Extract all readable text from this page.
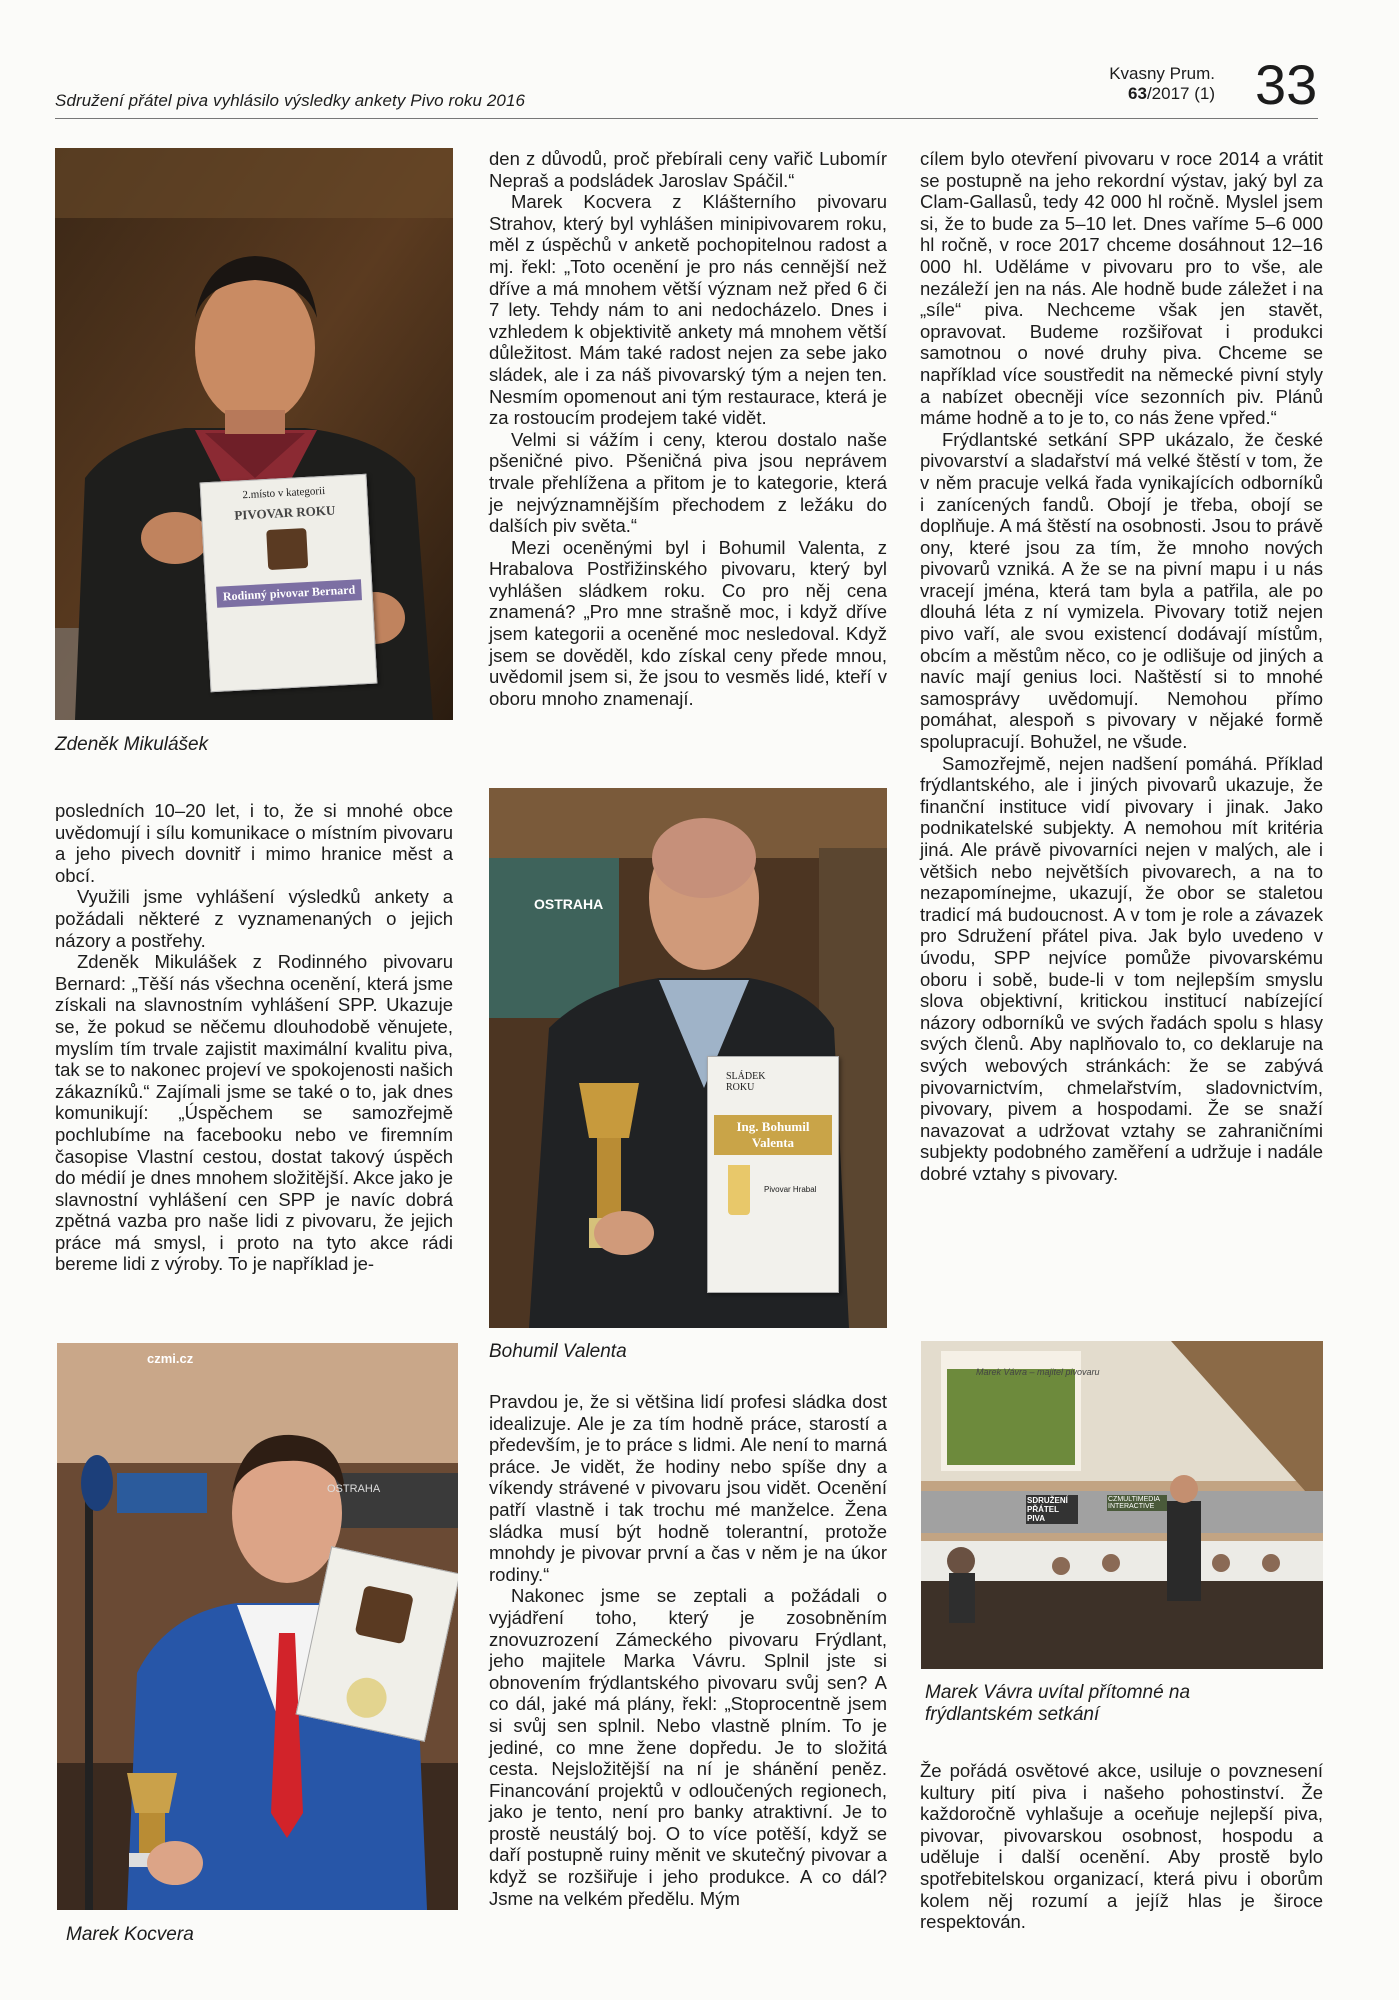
Sdružení přátel piva vyhlásilo výsledky ankety Pivo roku 2016
Kvasny Prum.
63/2017 (1) 33
2.místo v kategorii
PIVOVAR ROKU
Rodinný pivovar Bernard
Zdeněk Mikulášek

posledních 10–20 let, i to, že si mnohé obce uvědomují i sílu komunikace o místním pivovaru a jeho pivech dovnitř i mimo hranice měst a obcí.

Využili jsme vyhlášení výsledků ankety a požádali některé z vyznamenaných o jejich názory a postřehy.

Zdeněk Mikulášek z Rodinného pivovaru Bernard: „Těší nás všechna ocenění, která jsme získali na slavnostním vyhlášení SPP. Ukazuje se, že pokud se něčemu dlouhodobě věnujete, myslím tím trvale zajistit maximální kvalitu piva, tak se to nakonec projeví ve spokojenosti našich zákazníků.“ Zajímali jsme se také o to, jak dnes komunikují: „Úspěchem se samozřejmě pochlubíme na facebooku nebo ve firemním časopise Vlastní cestou, dostat takový úspěch do médií je dnes mnohem složitější. Akce jako je slavnostní vyhlášení cen SPP je navíc dobrá zpětná vazba pro naše lidi z pivovaru, že jejich práce má smysl, i proto na tyto akce rádi bereme lidi z výroby. To je například je-

czmi.cz
OSTRAHA
Marek Kocvera

den z důvodů, proč přebírali ceny vařič Lubomír Nepraš a podsládek Jaroslav Spáčil.“

Marek Kocvera z Klášterního pivovaru Strahov, který byl vyhlášen minipivovarem roku, měl z úspěchů v anketě pochopitelnou radost a mj. řekl: „Toto ocenění je pro nás cennější než dříve a má mnohem větší význam než před 6 či 7 lety. Tehdy nám to ani nedocházelo. Dnes i vzhledem k objektivitě ankety má mnohem větší důležitost. Mám také radost nejen za sebe jako sládek, ale i za náš pivovarský tým a nejen ten. Nesmím opomenout ani tým restaurace, která je za rostoucím prodejem také vidět.

Velmi si vážím i ceny, kterou dostalo naše pšeničné pivo. Pšeničná piva jsou neprávem trvale přehlížena a přitom je to kategorie, která je nejvýznamnějším přechodem z ležáku do dalších piv světa.“

Mezi oceněnými byl i Bohumil Valenta, z Hrabalova Postřižinského pivovaru, který byl vyhlášen sládkem roku. Co pro něj cena znamená? „Pro mne strašně moc, i když dříve jsem kategorii a oceněné moc nesledoval. Když jsem se dověděl, kdo získal ceny přede mnou, uvědomil jsem si, že jsou to vesměs lidé, kteří v oboru mnoho znamenají.

OSTRAHA
SLÁDEK ROKU
Ing. Bohumil Valenta
Pivovar Hrabal
Bohumil Valenta

Pravdou je, že si většina lidí profesi sládka dost idealizuje. Ale je za tím hodně práce, starostí a především, je to práce s lidmi. Ale není to marná práce. Je vidět, že hodiny nebo spíše dny a víkendy strávené v pivovaru jsou vidět. Ocenění patří vlastně i tak trochu mé manželce. Žena sládka musí být hodně tolerantní, protože mnohdy je pivovar první a čas v něm je na úkor rodiny.“

Nakonec jsme se zeptali a požádali o vyjádření toho, který je zosobněním znovuzrození Zámeckého pivovaru Frýdlant, jeho majitele Marka Vávru. Splnil jste si obnovením frýdlantského pivovaru svůj sen? A co dál, jaké má plány, řekl: „Stoprocentně jsem si svůj sen splnil. Nebo vlastně plním. To je jediné, co mne žene dopředu. Je to složitá cesta. Nejsložitější na ní je shánění peněz. Financování projektů v odloučených regionech, jako je tento, není pro banky atraktivní. Je to prostě neustálý boj. O to více potěší, když se daří postupně ruiny měnit ve skutečný pivovar a když se rozšiřuje i jeho produkce. A co dál? Jsme na velkém předělu. Mým

cílem bylo otevření pivovaru v roce 2014 a vrátit se postupně na jeho rekordní výstav, jaký byl za Clam-Gallasů, tedy 42 000 hl ročně. Myslel jsem si, že to bude za 5–10 let. Dnes vaříme 5–6 000 hl ročně, v roce 2017 chceme dosáhnout 12–16 000 hl. Uděláme v pivovaru pro to vše, ale nezáleží jen na nás. Ale hodně bude záležet i na „síle“ piva. Nechceme však jen stavět, opravovat. Budeme rozšiřovat i produkci samotnou o nové druhy piva. Chceme se například více soustředit na německé pivní styly a nabízet obecněji více sezonních piv. Plánů máme hodně a to je to, co nás žene vpřed.“

Frýdlantské setkání SPP ukázalo, že české pivovarství a sladařství má velké štěstí v tom, že v něm pracuje velká řada vynikajících odborníků i zanícených fandů. Obojí je třeba, obojí se doplňuje. A má štěstí na osobnosti. Jsou to právě ony, které jsou za tím, že mnoho nových pivovarů vzniká. A že se na pivní mapu i u nás vracejí jména, která tam byla a patřila, ale po dlouhá léta z ní vymizela. Pivovary totiž nejen pivo vaří, ale svou existencí dodávají místům, obcím a městům něco, co je odlišuje od jiných a navíc mají genius loci. Naštěstí si to mnohé samosprávy uvědomují. Nemohou přímo pomáhat, alespoň s pivovary v nějaké formě spolupracují. Bohužel, ne všude.

Samozřejmě, nejen nadšení pomáhá. Příklad frýdlantského, ale i jiných pivovarů ukazuje, že finanční instituce vidí pivovary i jinak. Jako podnikatelské subjekty. A nemohou mít kritéria jiná. Ale právě pivovarníci nejen v malých, ale i většich nebo největších pivovarech, a na to nezapomínejme, ukazují, že obor se staletou tradicí má budoucnost. A v tom je role a závazek pro Sdružení přátel piva. Jak bylo uvedeno v úvodu, SPP nejvíce pomůže pivovarskému oboru i sobě, bude-li v tom nejlepším smyslu slova objektivní, kritickou institucí nabízející názory odborníků ve svých řadách spolu s hlasy svých členů. Aby naplňovalo to, co deklaruje na svých webových stránkách: že se zabývá pivovarnictvím, chmelařstvím, sladovnictvím, pivovary, pivem a hospodami. Že se snaží navazovat a udržovat vztahy se zahraničními subjekty podobného zaměření a udržuje i nadále dobré vztahy s pivovary.

Marek Vávra – majitel pivovaru
SDRUŽENÍ PŘÁTEL PIVA
CZMULTIMEDIA INTERACTIVE
Marek Vávra uvítal přítomné na frýdlantském setkání

Že pořádá osvětové akce, usiluje o povznesení kultury pití piva i našeho pohostinství. Že každoročně vyhlašuje a oceňuje nejlepší piva, pivovar, pivovarskou osobnost, hospodu a uděluje i další ocenění. Aby prostě bylo spotřebitelskou organizací, která pivu i oborům kolem něj rozumí a jejíž hlas je široce respektován.
